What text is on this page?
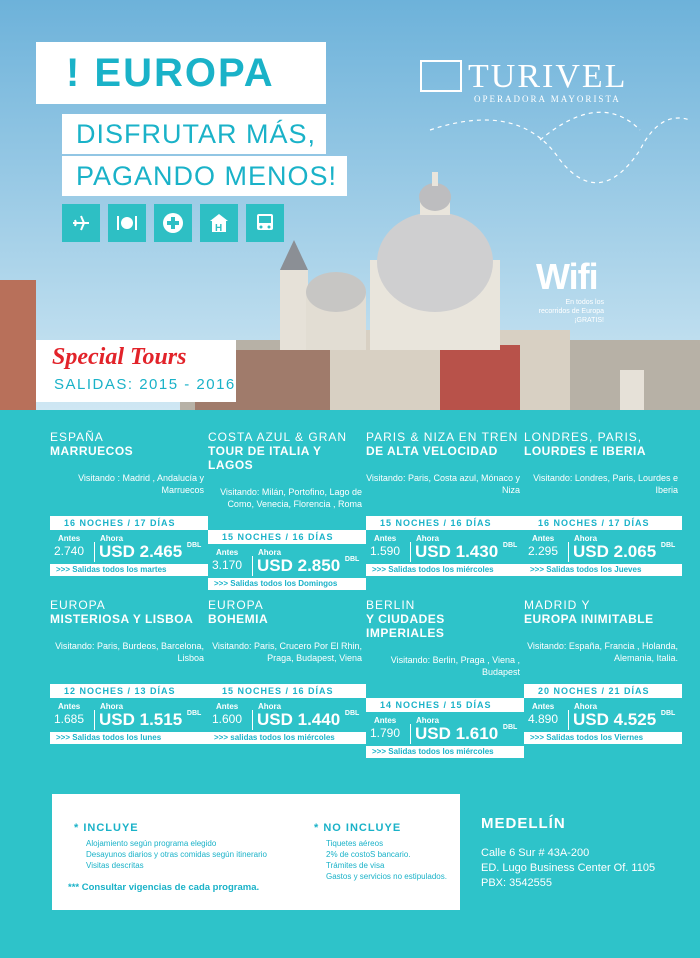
! EUROPA
DISFRUTAR MÁS,
PAGANDO MENOS!
H
TURIVEL
OPERADORA MAYORISTA
Wifi
En todos los recorridos de Europa ¡GRATIS!
Special Tours
SALIDAS: 2015 - 2016
ESPAÑA
MARRUECOS
Visitando : Madrid , Andalucía y Marruecos
16 NOCHES / 17 DÍAS
Antes
2.740
Ahora
USD 2.465 $^{DBL}$
>>> Salidas todos los martes
COSTA AZUL & GRAN
TOUR DE ITALIA Y LAGOS
Visitando: Milán, Portofino, Lago de Como, Venecia, Florencia , Roma
15 NOCHES / 16 DÍAS
Antes
3.170
Ahora
USD 2.850 $^{DBL}$
>>> Salidas todos los Domingos
PARIS & NIZA EN TREN
DE ALTA VELOCIDAD
Visitando: Paris, Costa azul, Mónaco y Niza
15 NOCHES / 16 DÍAS
Antes
1.590
Ahora
USD 1.430 $^{DBL}$
>>> Salidas todos los miércoles
LONDRES, PARIS,
LOURDES E IBERIA
Visitando: Londres, Paris, Lourdes e Iberia
16 NOCHES / 17 DÍAS
Antes
2.295
Ahora
USD 2.065 $^{DBL}$
>>> Salidas todos los Jueves
EUROPA
MISTERIOSA Y LISBOA
Visitando: Paris, Burdeos, Barcelona, Lisboa
12 NOCHES / 13 DÍAS
Antes
1.685
Ahora
USD 1.515 $^{DBL}$
>>> Salidas todos los lunes
EUROPA
BOHEMIA
Visitando: Paris, Crucero Por El Rhin, Praga, Budapest, Viena
15 NOCHES / 16 DÍAS
Antes
1.600
Ahora
USD 1.440 $^{DBL}$
>>> salidas todos los miércoles
BERLIN
Y CIUDADES IMPERIALES
Visitando: Berlin, Praga , Viena , Budapest
14 NOCHES / 15 DÍAS
Antes
1.790
Ahora
USD 1.610 $^{DBL}$
>>> Salidas todos los miércoles
MADRID Y
EUROPA INIMITABLE
Visitando: España, Francia , Holanda, Alemania, Italia.
20 NOCHES / 21 DÍAS
Antes
4.890
Ahora
USD 4.525 $^{DBL}$
>>> Salidas todos los Viernes
* INCLUYE
Alojamiento según programa elegido
Desayunos diarios y otras comidas según itinerario
Visitas descritas
* NO INCLUYE
Tiquetes aéreos
2% de costoS bancario.
Trámites de visa
Gastos y servicios no estipulados.
*** Consultar vigencias de cada programa.
MEDELLÍN
Calle 6 Sur # 43A-200
ED. Lugo Business Center Of. 1105
PBX: 3542555
